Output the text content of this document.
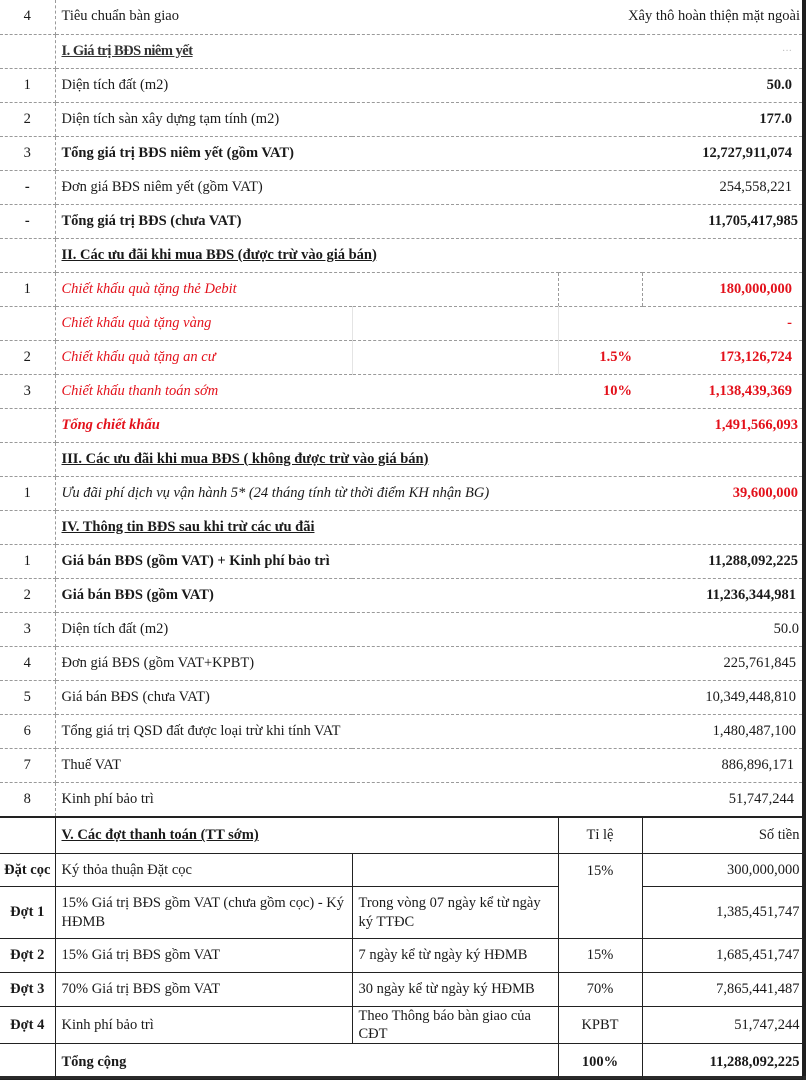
4	Tiêu chuẩn bàn giao		Xây thô hoàn thiện mặt ngoài	
	I. Giá trị BĐS niêm yết		···	
1	Diện tích đất (m2)		50.0	
2	Diện tích sàn xây dựng tạm tính (m2)		177.0	
3	Tổng giá trị BĐS niêm yết (gồm VAT)		12,727,911,074	
-	Đơn giá BĐS niêm yết (gồm VAT)		254,558,221	
-	Tổng giá trị BĐS (chưa VAT)		11,705,417,985	
	II. Các ưu đãi khi mua BĐS (được trừ vào giá bán)			
1	Chiết khấu quà tặng thẻ Debit			180,000,000
	Chiết khấu quà tặng vàng			-
2	Chiết khấu quà tặng an cư		1.5%	173,126,724
3	Chiết khấu thanh toán sớm		10%	1,138,439,369
	Tổng chiết khấu		1,491,566,093	
	III. Các ưu đãi khi mua BĐS ( không được trừ vào giá bán)			
1	Ưu đãi phí dịch vụ vận hành 5* (24 tháng tính từ thời điểm KH nhận BG)			39,600,000
	IV. Thông tin BĐS sau khi trừ các ưu đãi			
1	Giá bán BĐS (gồm VAT) + Kinh phí bảo trì		11,288,092,225	
2	Giá bán BĐS (gồm VAT)		11,236,344,981	
3	Diện tích đất (m2)		50.0	
4	Đơn giá BĐS (gồm VAT+KPBT)		225,761,845	
5	Giá bán BĐS (chưa VAT)		10,349,448,810	
6	Tổng giá trị QSD đất được loại trừ khi tính VAT		1,480,487,100	
7	Thuế VAT		886,896,171	
8	Kinh phí bảo trì		51,747,244	
	V. Các đợt thanh toán (TT sớm)		Tỉ lệ	Số tiền
Đặt cọc	Ký thỏa thuận Đặt cọc		15%	300,000,000
Đợt 1	15% Giá trị BĐS gồm VAT (chưa gồm cọc) - Ký HĐMB	Trong vòng 07 ngày kể từ ngày ký TTĐC		1,385,451,747
Đợt 2	15% Giá trị BĐS gồm VAT	7 ngày kể từ ngày ký HĐMB	15%	1,685,451,747
Đợt 3	70% Giá trị BĐS gồm VAT	30 ngày kể từ ngày ký HĐMB	70%	7,865,441,487
Đợt 4	Kinh phí bảo trì	Theo Thông báo bàn giao của CĐT	KPBT	51,747,244
	Tổng cộng		100%	11,288,092,225
